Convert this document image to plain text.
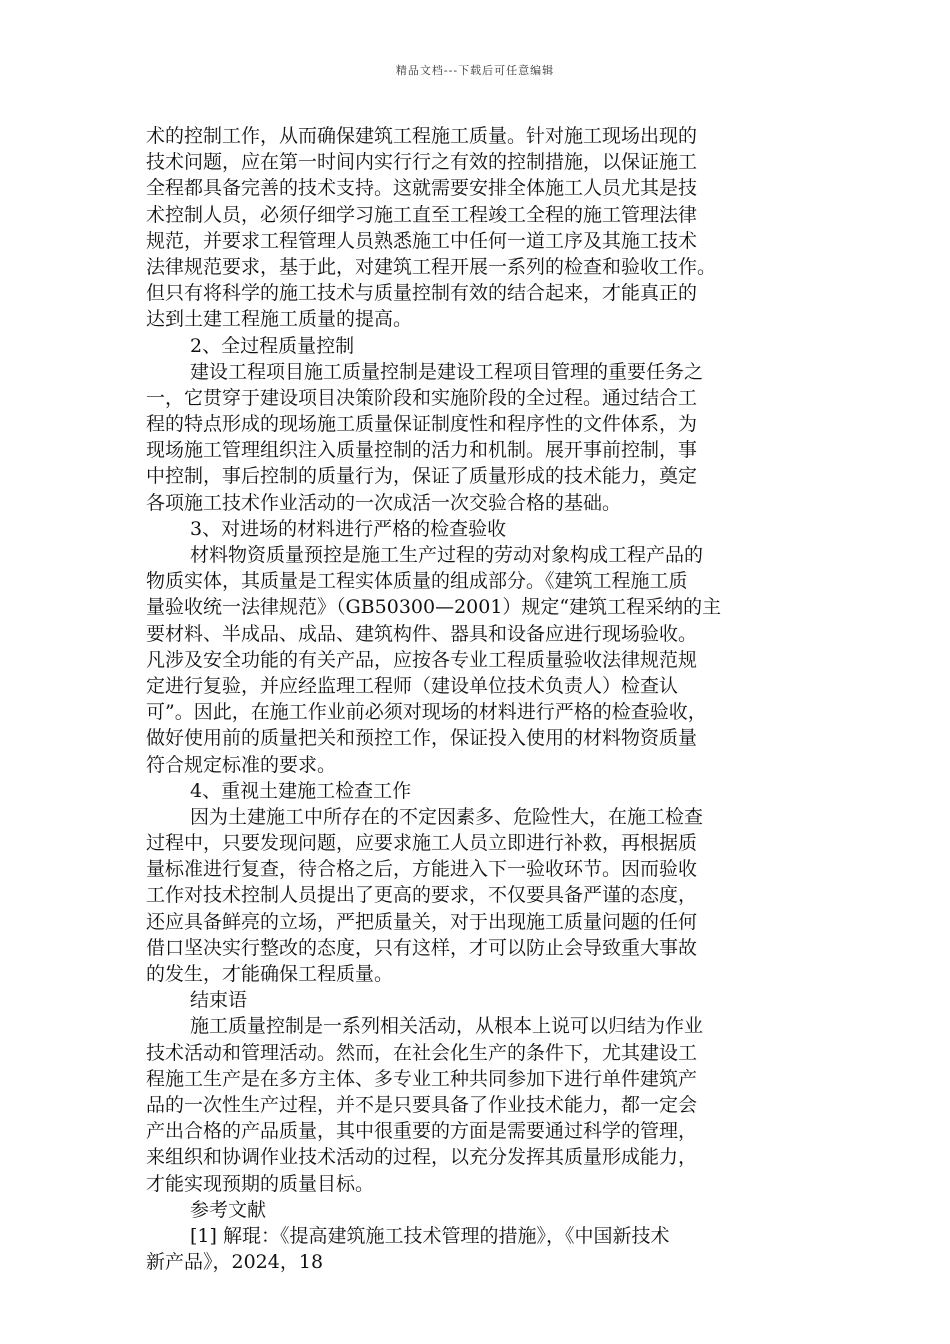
精品文档---下载后可任意编辑
术的控制工作，从而确保建筑工程施工质量。针对施工现场出现的
技术问题，应在第一时间内实行行之有效的控制措施，以保证施工
全程都具备完善的技术支持。这就需要安排全体施工人员尤其是技
术控制人员，必须仔细学习施工直至工程竣工全程的施工管理法律
规范，并要求工程管理人员熟悉施工中任何一道工序及其施工技术
法律规范要求，基于此，对建筑工程开展一系列的检查和验收工作。
但只有将科学的施工技术与质量控制有效的结合起来，才能真正的
达到土建工程施工质量的提高。
2、全过程质量控制
建设工程项目施工质量控制是建设工程项目管理的重要任务之
一，它贯穿于建设项目决策阶段和实施阶段的全过程。通过结合工
程的特点形成的现场施工质量保证制度性和程序性的文件体系，为
现场施工管理组织注入质量控制的活力和机制。展开事前控制，事
中控制，事后控制的质量行为，保证了质量形成的技术能力，奠定
各项施工技术作业活动的一次成活一次交验合格的基础。
3、对进场的材料进行严格的检查验收
材料物资质量预控是施工生产过程的劳动对象构成工程产品的
物质实体，其质量是工程实体质量的组成部分。《建筑工程施工质
量验收统一法律规范》（GB50300—2001）规定“建筑工程采纳的主
要材料、半成品、成品、建筑构件、器具和设备应进行现场验收。
凡涉及安全功能的有关产品，应按各专业工程质量验收法律规范规
定进行复验，并应经监理工程师（建设单位技术负责人）检查认
可”。因此，在施工作业前必须对现场的材料进行严格的检查验收，
做好使用前的质量把关和预控工作，保证投入使用的材料物资质量
符合规定标准的要求。
4、重视土建施工检查工作
因为土建施工中所存在的不定因素多、危险性大，在施工检查
过程中，只要发现问题，应要求施工人员立即进行补救，再根据质
量标准进行复查，待合格之后，方能进入下一验收环节。因而验收
工作对技术控制人员提出了更高的要求，不仅要具备严谨的态度，
还应具备鲜亮的立场，严把质量关，对于出现施工质量问题的任何
借口坚决实行整改的态度，只有这样，才可以防止会导致重大事故
的发生，才能确保工程质量。
结束语
施工质量控制是一系列相关活动，从根本上说可以归结为作业
技术活动和管理活动。然而，在社会化生产的条件下，尤其建设工
程施工生产是在多方主体、多专业工种共同参加下进行单件建筑产
品的一次性生产过程，并不是只要具备了作业技术能力，都一定会
产出合格的产品质量，其中很重要的方面是需要通过科学的管理，
来组织和协调作业技术活动的过程，以充分发挥其质量形成能力，
才能实现预期的质量目标。
参考文献
[1] 解琨：《提高建筑施工技术管理的措施》，《中国新技术
新产品》，2024，18
